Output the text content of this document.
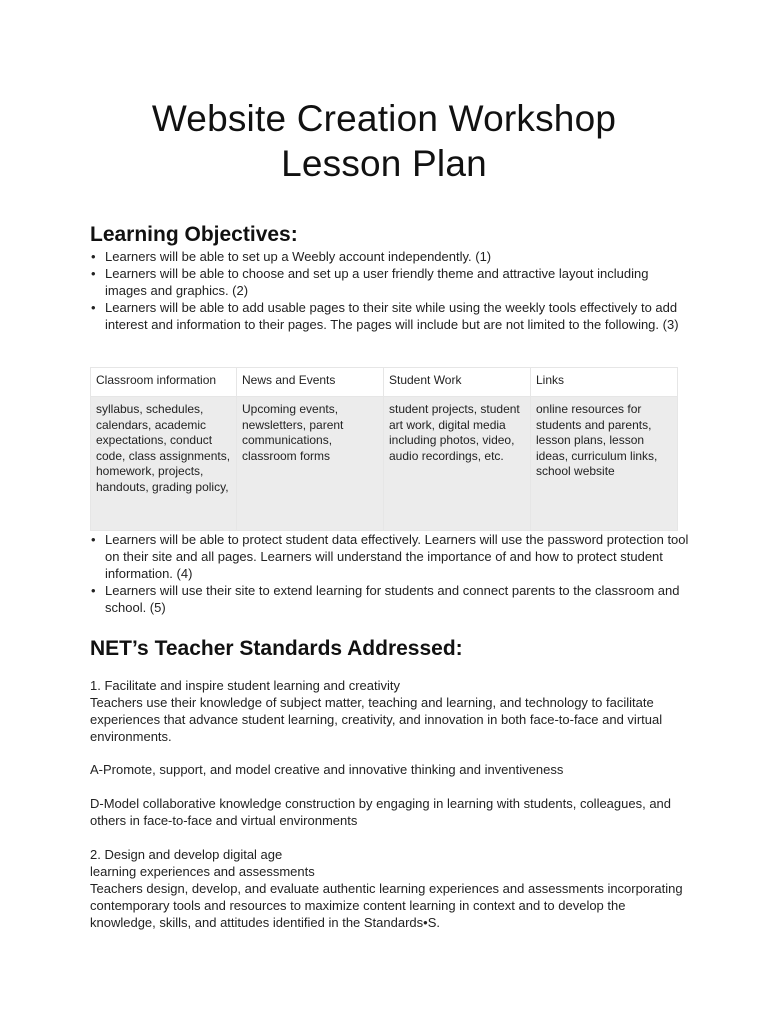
Website Creation Workshop
Lesson Plan
Learning Objectives:
• Learners will be able to set up a Weebly account independently. (1)
• Learners will be able to choose and set up a user friendly theme and attractive layout including images and graphics. (2)
• Learners will be able to add usable pages to their site while using the weekly tools effectively to add interest and information to their pages. The pages will include but are not limited to the following. (3)
Classroom information	News and Events	Student Work	Links
syllabus, schedules, calendars, academic expectations, conduct code, class assignments, homework, projects, handouts, grading policy,	Upcoming events, newsletters, parent communications, classroom forms	student projects, student art work, digital media including photos, video, audio recordings, etc.	online resources for students and parents, lesson plans, lesson ideas, curriculum links, school website
• Learners will be able to protect student data effectively. Learners will use the password protection tool on their site and all pages. Learners will understand the importance of and how to protect student information. (4)
• Learners will use their site to extend learning for students and connect parents to the classroom and school. (5)
NET’s Teacher Standards Addressed:
1. Facilitate and inspire student learning and creativity
Teachers use their knowledge of subject matter, teaching and learning, and technology to facilitate experiences that advance student learning, creativity, and innovation in both face-to-face and virtual environments.
A-Promote, support, and model creative and innovative thinking and inventiveness
D-Model collaborative knowledge construction by engaging in learning with students, colleagues, and others in face-to-face and virtual environments
2. Design and develop digital age
learning experiences and assessments
Teachers design, develop, and evaluate authentic learning experiences and assessments incorporating contemporary tools and resources to maximize content learning in context and to develop the knowledge, skills, and attitudes identified in the Standards•S.
